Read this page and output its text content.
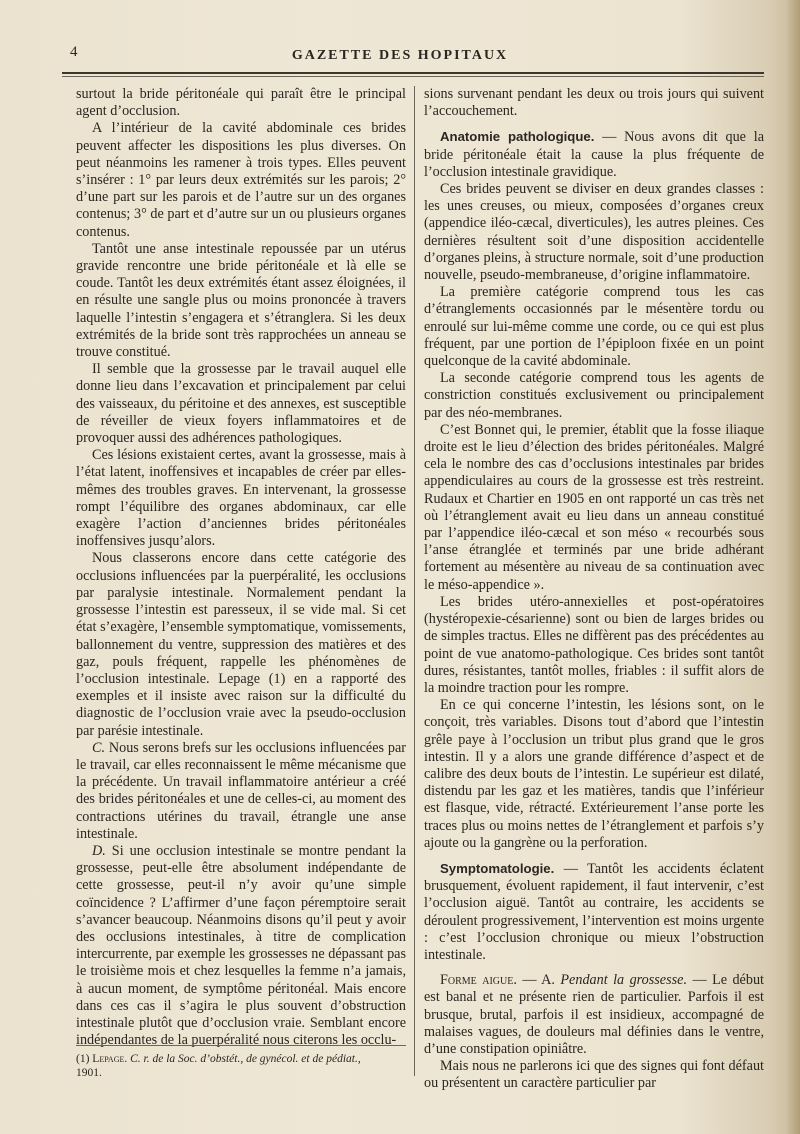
4	GAZETTE DES HOPITAUX

surtout la bride péritonéale qui paraît être le principal agent d’occlusion.

A l’intérieur de la cavité abdominale ces brides peuvent affecter les dispositions les plus diverses. On peut néanmoins les ramener à trois types. Elles peuvent s’insérer : 1° par leurs deux extrémités sur les parois; 2° d’une part sur les parois et de l’autre sur un des organes contenus; 3° de part et d’autre sur un ou plusieurs organes contenus.

Tantôt une anse intestinale repoussée par un utérus gravide rencontre une bride péritonéale et là elle se coude. Tantôt les deux extrémités étant assez éloignées, il en résulte une sangle plus ou moins prononcée à travers laquelle l’intestin s’engagera et s’étranglera. Si les deux extrémités de la bride sont très rapprochées un anneau se trouve constitué.

Il semble que la grossesse par le travail auquel elle donne lieu dans l’excavation et principalement par celui des vaisseaux, du péritoine et des annexes, est susceptible de réveiller de vieux foyers inflammatoires et de provoquer aussi des adhérences pathologiques.

Ces lésions existaient certes, avant la grossesse, mais à l’état latent, inoffensives et incapables de créer par elles-mêmes des troubles graves. En intervenant, la grossesse rompt l’équilibre des organes abdominaux, car elle exagère l’action d’anciennes brides péritonéales inoffensives jusqu’alors.

Nous classerons encore dans cette catégorie des occlusions influencées par la puerpéralité, les occlusions par paralysie intestinale. Normalement pendant la grossesse l’intestin est paresseux, il se vide mal. Si cet état s’exagère, l’ensemble symptomatique, vomissements, ballonnement du ventre, suppression des matières et des gaz, pouls fréquent, rappelle les phénomènes de l’occlusion intestinale. Lepage (1) en a rapporté des exemples et il insiste avec raison sur la difficulté du diagnostic de l’occlusion vraie avec la pseudo-occlusion par parésie intestinale.

C. Nous serons brefs sur les occlusions influencées par le travail, car elles reconnaissent le même mécanisme que la précédente. Un travail inflammatoire antérieur a créé des brides péritonéales et une de celles-ci, au moment des contractions utérines du travail, étrangle une anse intestinale.

D. Si une occlusion intestinale se montre pendant la grossesse, peut-elle être absolument indépendante de cette grossesse, peut-il n’y avoir qu’une simple coïncidence ? L’affirmer d’une façon péremptoire serait s’avancer beaucoup. Néanmoins disons qu’il peut y avoir des occlusions intestinales, à titre de complication intercurrente, par exemple les grossesses ne dépassant pas le troisième mois et chez lesquelles la femme n’a jamais, à aucun moment, de symptôme péritonéal. Mais encore dans ces cas il s’agira le plus souvent d’obstruction intestinale plutôt que d’occlusion vraie. Semblant encore indépendantes de la puerpéralité nous citerons les occlu-

sions survenant pendant les deux ou trois jours qui suivent l’accouchement.

Anatomie pathologique. — Nous avons dit que la bride péritonéale était la cause la plus fréquente de l’occlusion intestinale gravidique.

Ces brides peuvent se diviser en deux grandes classes : les unes creuses, ou mieux, composées d’organes creux (appendice iléo-cæcal, diverticules), les autres pleines. Ces dernières résultent soit d’une disposition accidentelle d’organes pleins, à structure normale, soit d’une production nouvelle, pseudo-membraneuse, d’origine inflammatoire.

La première catégorie comprend tous les cas d’étranglements occasionnés par le mésentère tordu ou enroulé sur lui-même comme une corde, ou ce qui est plus fréquent, par une portion de l’épiploon fixée en un point quelconque de la cavité abdominale.

La seconde catégorie comprend tous les agents de constriction constitués exclusivement ou principalement par des néo-membranes.

C’est Bonnet qui, le premier, établit que la fosse iliaque droite est le lieu d’élection des brides péritonéales. Malgré cela le nombre des cas d’occlusions intestinales par brides appendiculaires au cours de la grossesse est très restreint. Rudaux et Chartier en 1905 en ont rapporté un cas très net où l’étranglement avait eu lieu dans un anneau constitué par l’appendice iléo-cæcal et son méso « recourbés sous l’anse étranglée et terminés par une bride adhérant fortement au mésentère au niveau de sa continuation avec le méso-appendice ».

Les brides utéro-annexielles et post-opératoires (hystéropexie-césarienne) sont ou bien de larges brides ou de simples tractus. Elles ne diffèrent pas des précédentes au point de vue anatomo-pathologique. Ces brides sont tantôt dures, résistantes, tantôt molles, friables : il suffit alors de la moindre traction pour les rompre.

En ce qui concerne l’intestin, les lésions sont, on le conçoit, très variables. Disons tout d’abord que l’intestin grêle paye à l’occlusion un tribut plus grand que le gros intestin. Il y a alors une grande différence d’aspect et de calibre des deux bouts de l’intestin. Le supérieur est dilaté, distendu par les gaz et les matières, tandis que l’inférieur est flasque, vide, rétracté. Extérieurement l’anse porte les traces plus ou moins nettes de l’étranglement et parfois s’y ajoute ou la gangrène ou la perforation.

Symptomatologie. — Tantôt les accidents éclatent brusquement, évoluent rapidement, il faut intervenir, c’est l’occlusion aiguë. Tantôt au contraire, les accidents se déroulent progressivement, l’intervention est moins urgente : c’est l’occlusion chronique ou mieux l’obstruction intestinale.

Forme aigue. — A. Pendant la grossesse. — Le début est banal et ne présente rien de particulier. Parfois il est brusque, brutal, parfois il est insidieux, accompagné de malaises vagues, de douleurs mal définies dans le ventre, d’une constipation opiniâtre.

Mais nous ne parlerons ici que des signes qui font défaut ou présentent un caractère particulier par

(1) Lepage. C. r. de la Soc. d’obstét., de gynécol. et de pédiat.,
1901.
